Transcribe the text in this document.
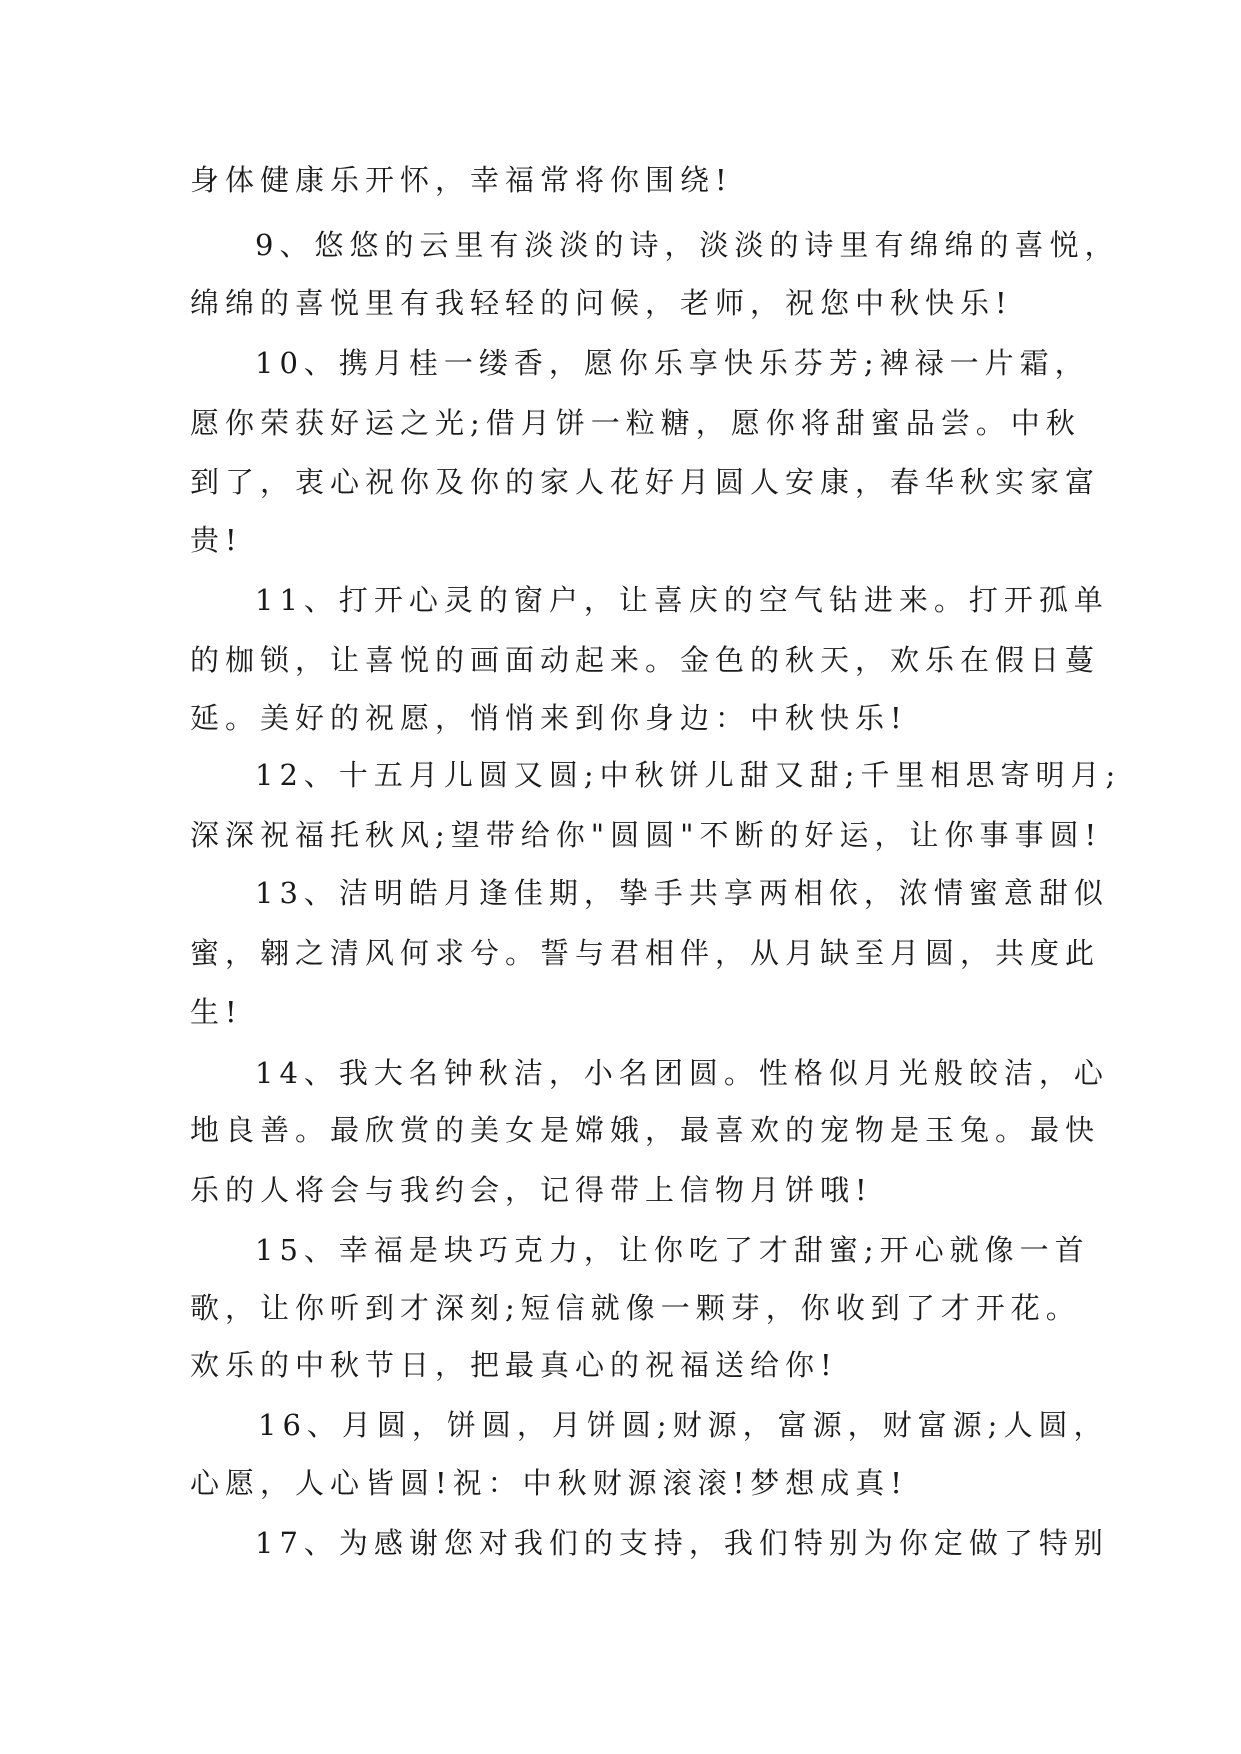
身体健康乐开怀，幸福常将你围绕!
9、悠悠的云里有淡淡的诗，淡淡的诗里有绵绵的喜悦，
绵绵的喜悦里有我轻轻的问候，老师，祝您中秋快乐!
10、携月桂一缕香，愿你乐享快乐芬芳;裨禄一片霜，
愿你荣获好运之光;借月饼一粒糖，愿你将甜蜜品尝。中秋
到了，衷心祝你及你的家人花好月圆人安康，春华秋实家富
贵!
11、打开心灵的窗户，让喜庆的空气钻进来。打开孤单
的枷锁，让喜悦的画面动起来。金色的秋天，欢乐在假日蔓
延。美好的祝愿，悄悄来到你身边：中秋快乐!
12、十五月儿圆又圆;中秋饼儿甜又甜;千里相思寄明月;
深深祝福托秋风;望带给你"圆圆"不断的好运，让你事事圆!
13、洁明皓月逢佳期，挚手共享两相依，浓情蜜意甜似
蜜，翱之清风何求兮。誓与君相伴，从月缺至月圆，共度此
生!
14、我大名钟秋洁，小名团圆。性格似月光般皎洁，心
地良善。最欣赏的美女是嫦娥，最喜欢的宠物是玉兔。最快
乐的人将会与我约会，记得带上信物月饼哦!
15、幸福是块巧克力，让你吃了才甜蜜;开心就像一首
歌，让你听到才深刻;短信就像一颗芽，你收到了才开花。
欢乐的中秋节日，把最真心的祝福送给你!
16、月圆，饼圆，月饼圆;财源，富源，财富源;人圆，
心愿，人心皆圆!祝：中秋财源滚滚!梦想成真!
17、为感谢您对我们的支持，我们特别为你定做了特别
